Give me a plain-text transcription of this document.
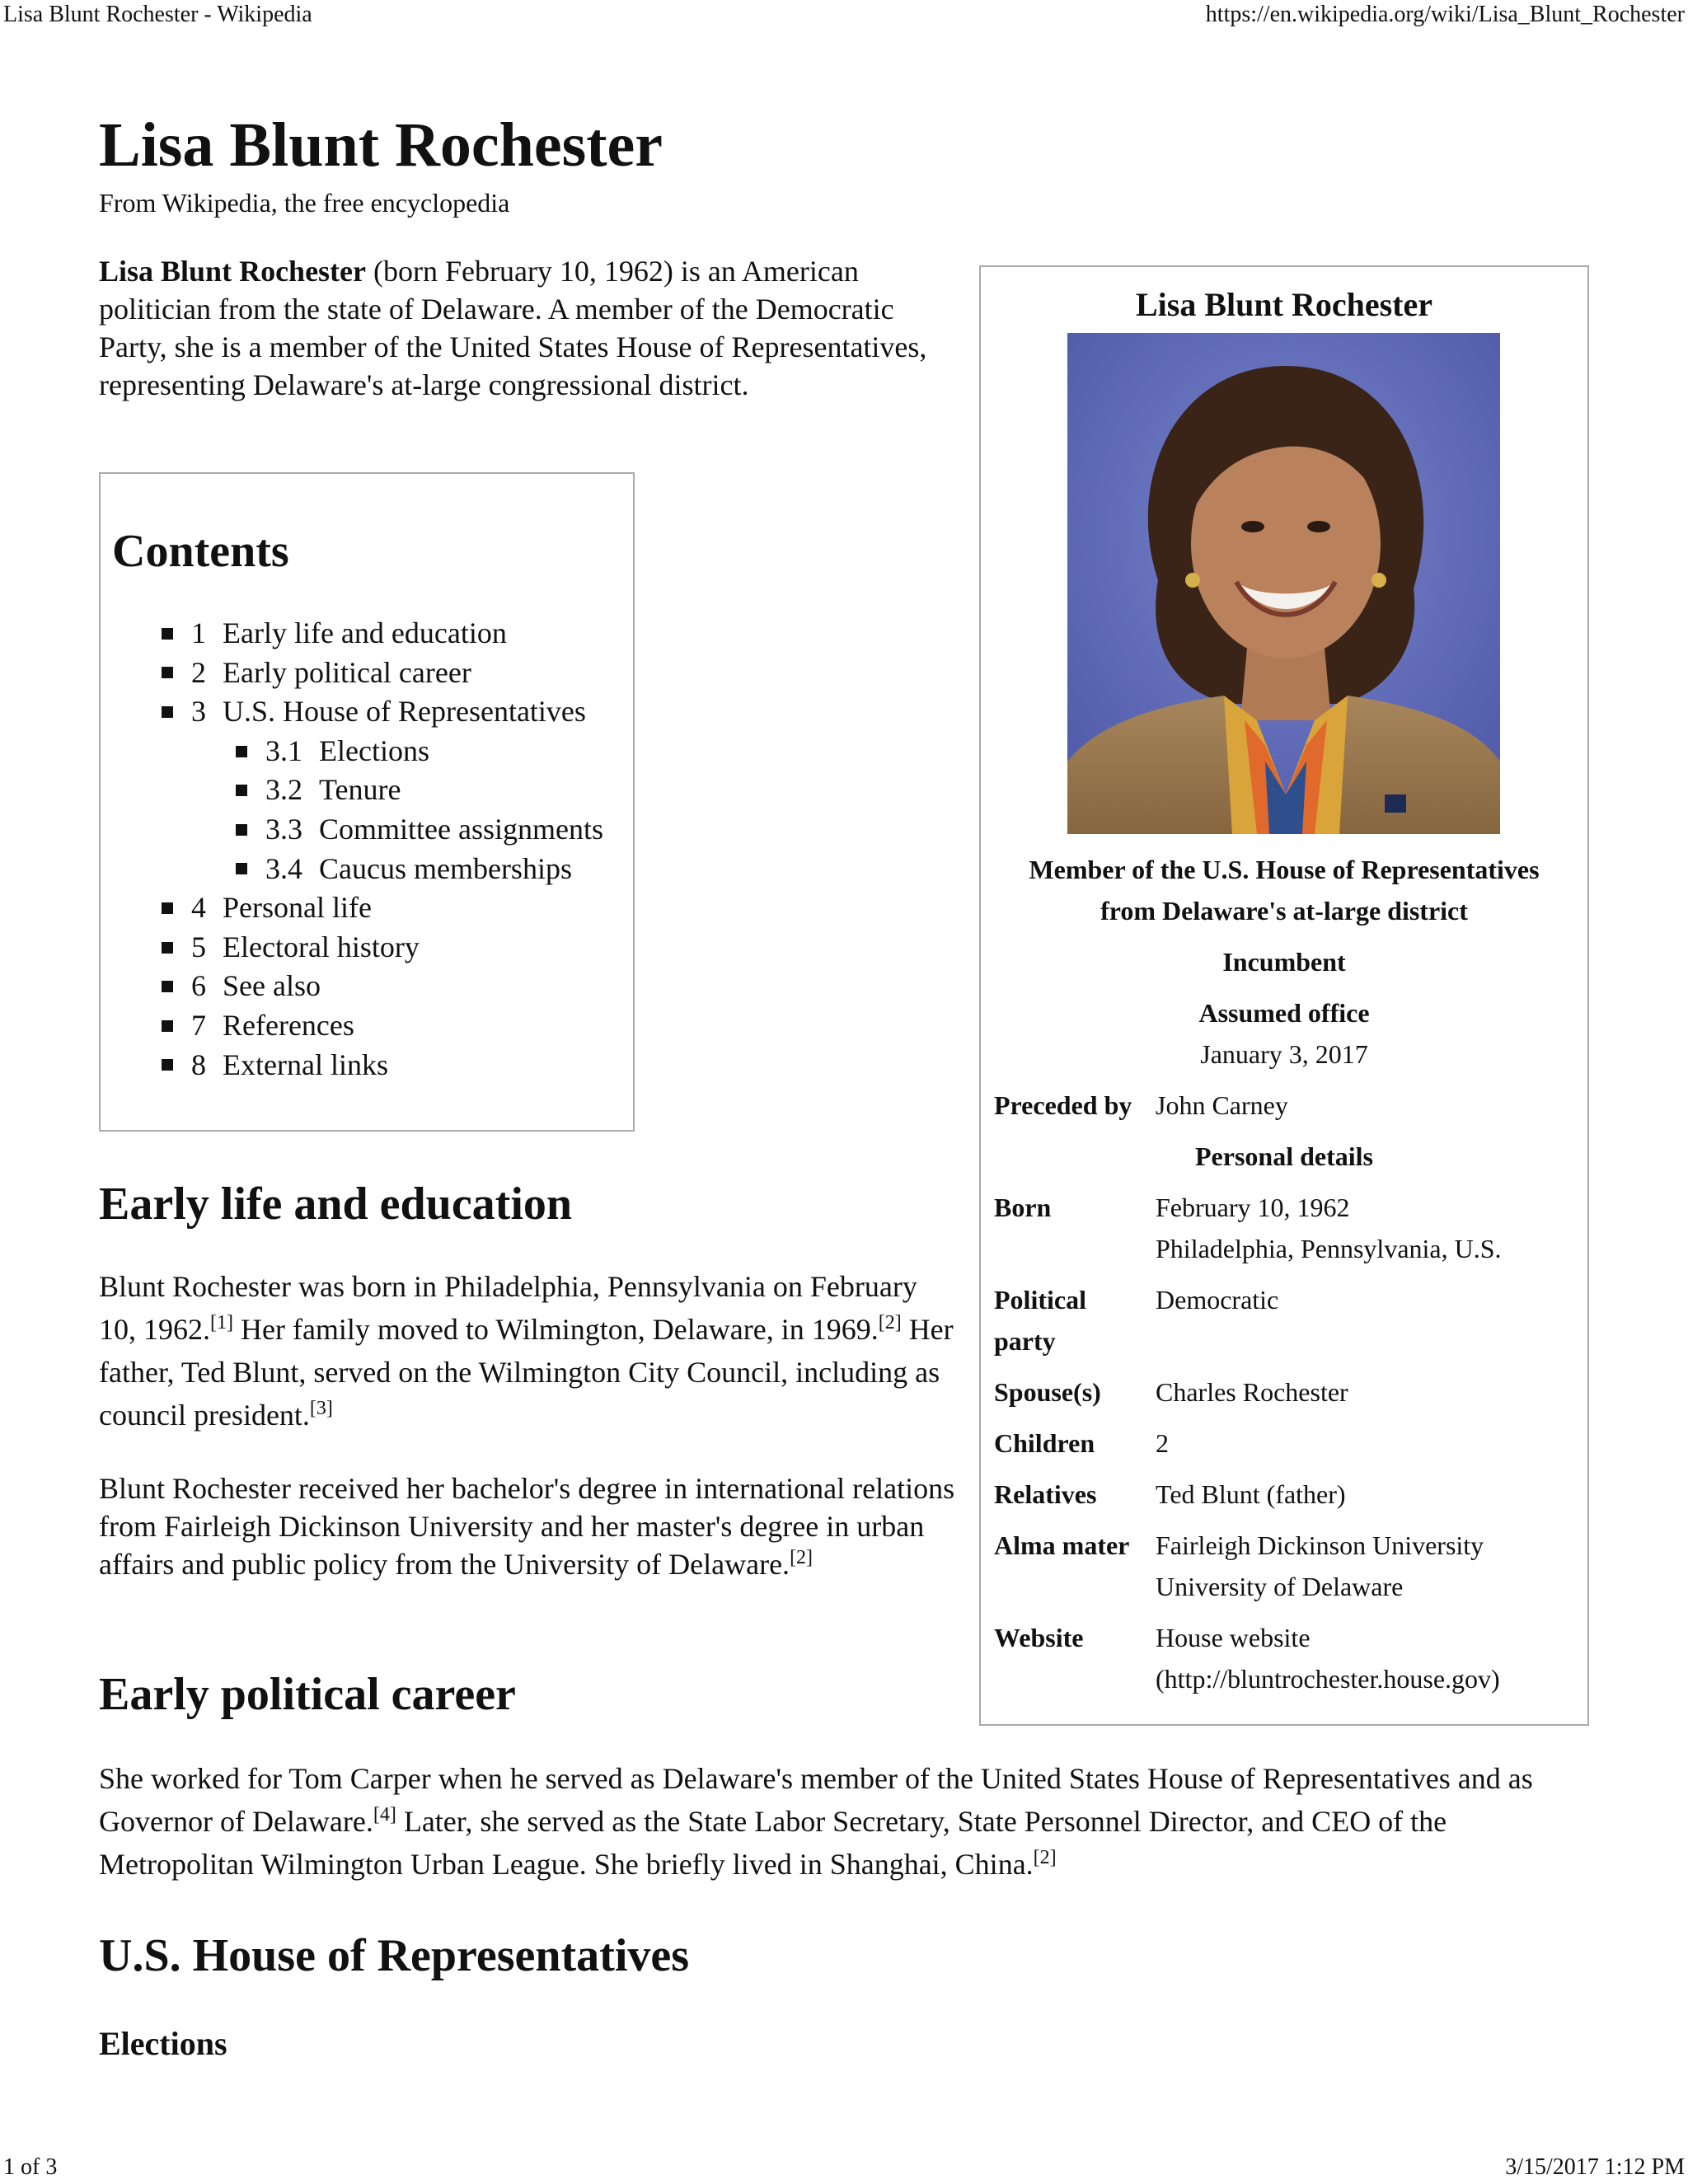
Lisa Blunt Rochester - Wikipedia	https://en.wikipedia.org/wiki/Lisa_Blunt_Rochester
Lisa Blunt Rochester
From Wikipedia, the free encyclopedia

Lisa Blunt Rochester (born February 10, 1962) is an American politician from the state of Delaware. A member of the Democratic Party, she is a member of the United States House of Representatives, representing Delaware's at-large congressional district.

Contents
1 Early life and education
2 Early political career
3 U.S. House of Representatives
3.1 Elections
3.2 Tenure
3.3 Committee assignments
3.4 Caucus memberships
4 Personal life
5 Electoral history
6 See also
7 References
8 External links
Early life and education

Blunt Rochester was born in Philadelphia, Pennsylvania on February 10, 1962.[1] Her family moved to Wilmington, Delaware, in 1969.[2] Her father, Ted Blunt, served on the Wilmington City Council, including as council president.[3]

Blunt Rochester received her bachelor's degree in international relations from Fairleigh Dickinson University and her master's degree in urban affairs and public policy from the University of Delaware.[2]

Early political career

She worked for Tom Carper when he served as Delaware's member of the United States House of Representatives and as Governor of Delaware.[4] Later, she served as the State Labor Secretary, State Personnel Director, and CEO of the Metropolitan Wilmington Urban League. She briefly lived in Shanghai, China.[2]

U.S. House of Representatives
Elections
Lisa Blunt Rochester
Member of the U.S. House of Representatives
from Delaware's at-large district
Incumbent
Assumed office
January 3, 2017
Preceded by John Carney
Personal details
Born	February 10, 1962
Philadelphia, Pennsylvania, U.S.
Political
party
Democratic
Spouse(s) Charles Rochester
Children 2
Relatives Ted Blunt (father)
Alma mater Fairleigh Dickinson University
University of Delaware
Website	House website
(http://bluntrochester.house.gov)
1 of 3	3/15/2017 1:12 PM
